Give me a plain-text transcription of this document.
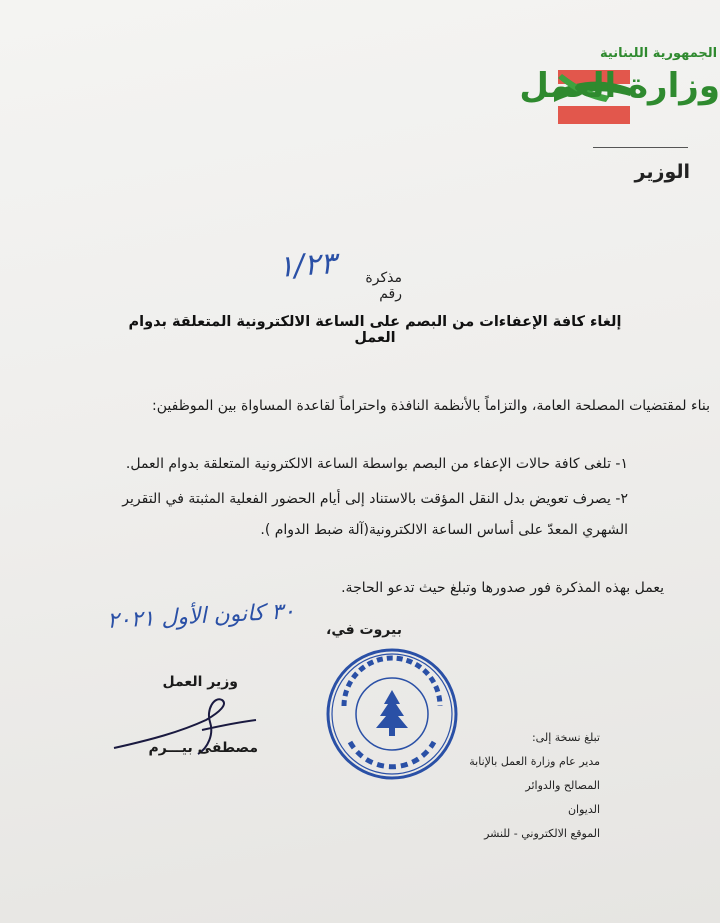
الجمهورية اللبنانية
وزارة العمل
الوزير
مذكرة رقم
١/٢٣
إلغاء كافة الإعفاءات من البصم على الساعة الالكترونية المتعلقة بدوام العمل
بناء لمقتضيات المصلحة العامة، والتزاماً بالأنظمة النافذة واحتراماً لقاعدة المساواة بين الموظفين:
١- تلغى كافة حالات الإعفاء من البصم بواسطة الساعة الالكترونية المتعلقة بدوام العمل.
٢- يصرف تعويض بدل النقل المؤقت بالاستناد إلى أيام الحضور الفعلية المثبتة في التقرير
الشهري المعدّ على أساس الساعة الالكترونية(آلة ضبط الدوام ).
يعمل بهذه المذكرة فور صدورها وتبلغ حيث تدعو الحاجة.
بيروت في،
٣٠ كانون الأول ٢٠٢١
وزير العمل
مصطفى بيـــرم
تبلغ نسخة إلى:
مدير عام وزارة العمل بالإنابة
المصالح والدوائر
الديوان
الموقع الالكتروني - للنشر
